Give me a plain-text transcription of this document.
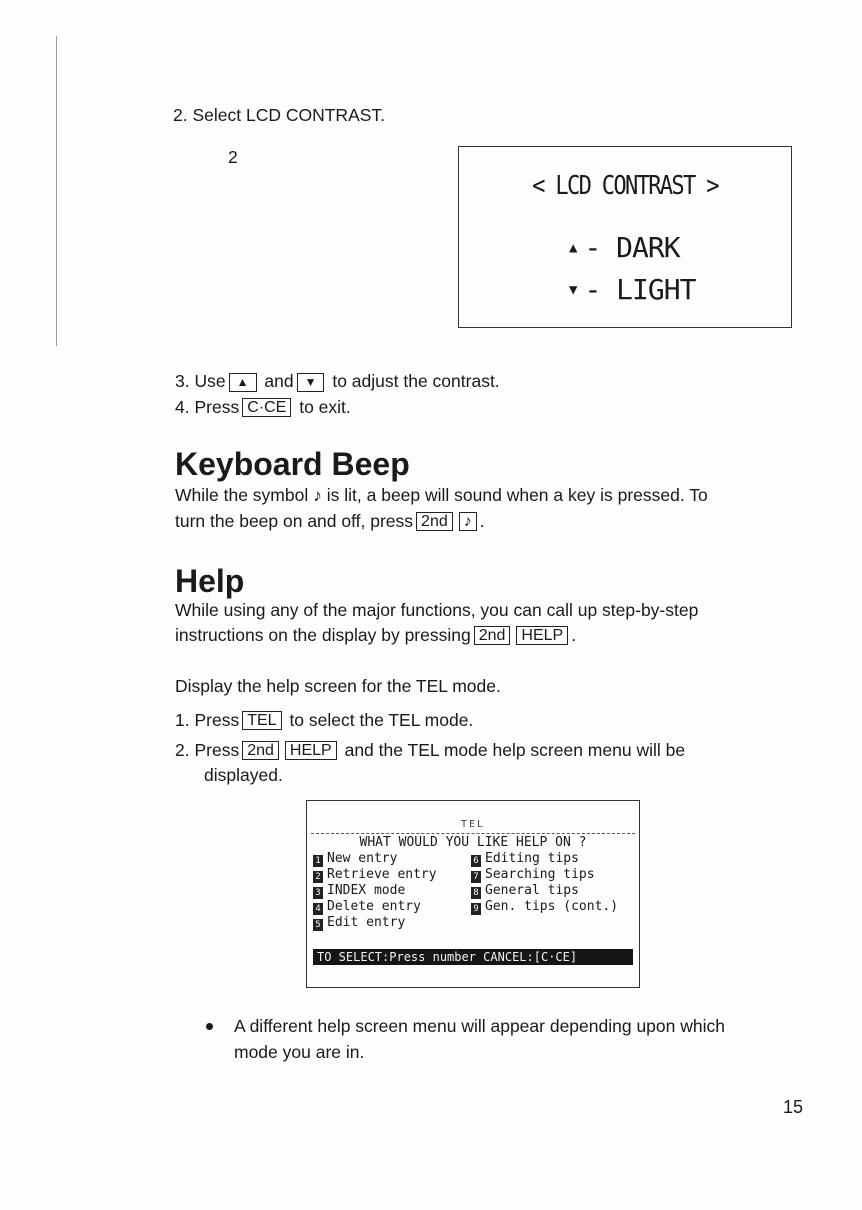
2. Select LCD CONTRAST.
2
< LCD CONTRAST >
▲ - DARK
▼ - LIGHT
3. Use ▲ and ▼ to adjust the contrast.
4. Press C·CE to exit.
Keyboard Beep
While the symbol ♪ is lit, a beep will sound when a key is pressed. To
turn the beep on and off, press 2nd ♪ .
Help
While using any of the major functions, you can call up step-by-step
instructions on the display by pressing 2nd HELP .
Display the help screen for the TEL mode.
1. Press TEL to select the TEL mode.
2. Press 2nd HELP and the TEL mode help screen menu will be
displayed.
TEL
WHAT WOULD YOU LIKE HELP ON ?
1 New entry
2 Retrieve entry
3 INDEX mode
4 Delete entry
5 Edit entry
6 Editing tips
7 Searching tips
8 General tips
9 Gen. tips (cont.)
TO SELECT:Press number CANCEL:[C·CE]
A different help screen menu will appear depending upon which
mode you are in.
15
